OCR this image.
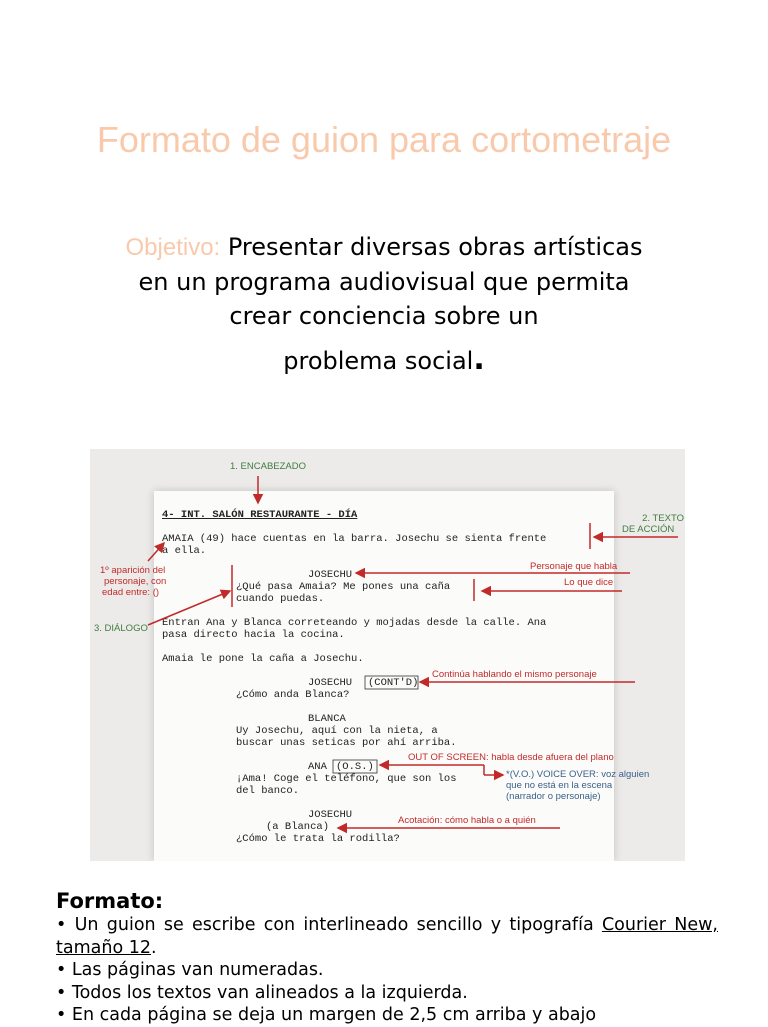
Formato de guion para cortometraje
Objetivo: Presentar diversas obras artísticas en un programa audiovisual que permita crear conciencia sobre un
problema social.
4- INT. SALÓN RESTAURANTE - DÍA
AMAIA (49) hace cuentas en la barra. Josechu se sienta frente
a ella.
JOSECHU
¿Qué pasa Amaia? Me pones una caña
cuando puedas.
Entran Ana y Blanca correteando y mojadas desde la calle. Ana
pasa directo hacia la cocina.
Amaia le pone la caña a Josechu.
JOSECHU (CONT'D)
¿Cómo anda Blanca?
BLANCA
Uy Josechu, aquí con la nieta, a
buscar unas seticas por ahí arriba.
ANA (O.S.)
¡Ama! Coge el teléfono, que son los
del banco.
JOSECHU
(a Blanca)
¿Cómo le trata la rodilla?
1. ENCABEZADO
2. TEXTO
DE ACCIÓN
1º aparición del
personaje, con
edad entre: ()
3. DIÁLOGO
Personaje que habla
Lo que dice
Continúa hablando el mismo personaje
OUT OF SCREEN: habla desde afuera del plano
*(V.O.) VOICE OVER: voz alguien
que no está en la escena
(narrador o personaje)
Acotación: cómo habla o a quién
Formato:

• Un guion se escribe con interlineado sencillo y tipografía Courier New, tamaño 12.

• Las páginas van numeradas.

• Todos los textos van alineados a la izquierda.

• En cada página se deja un margen de 2,5 cm arriba y abajo
